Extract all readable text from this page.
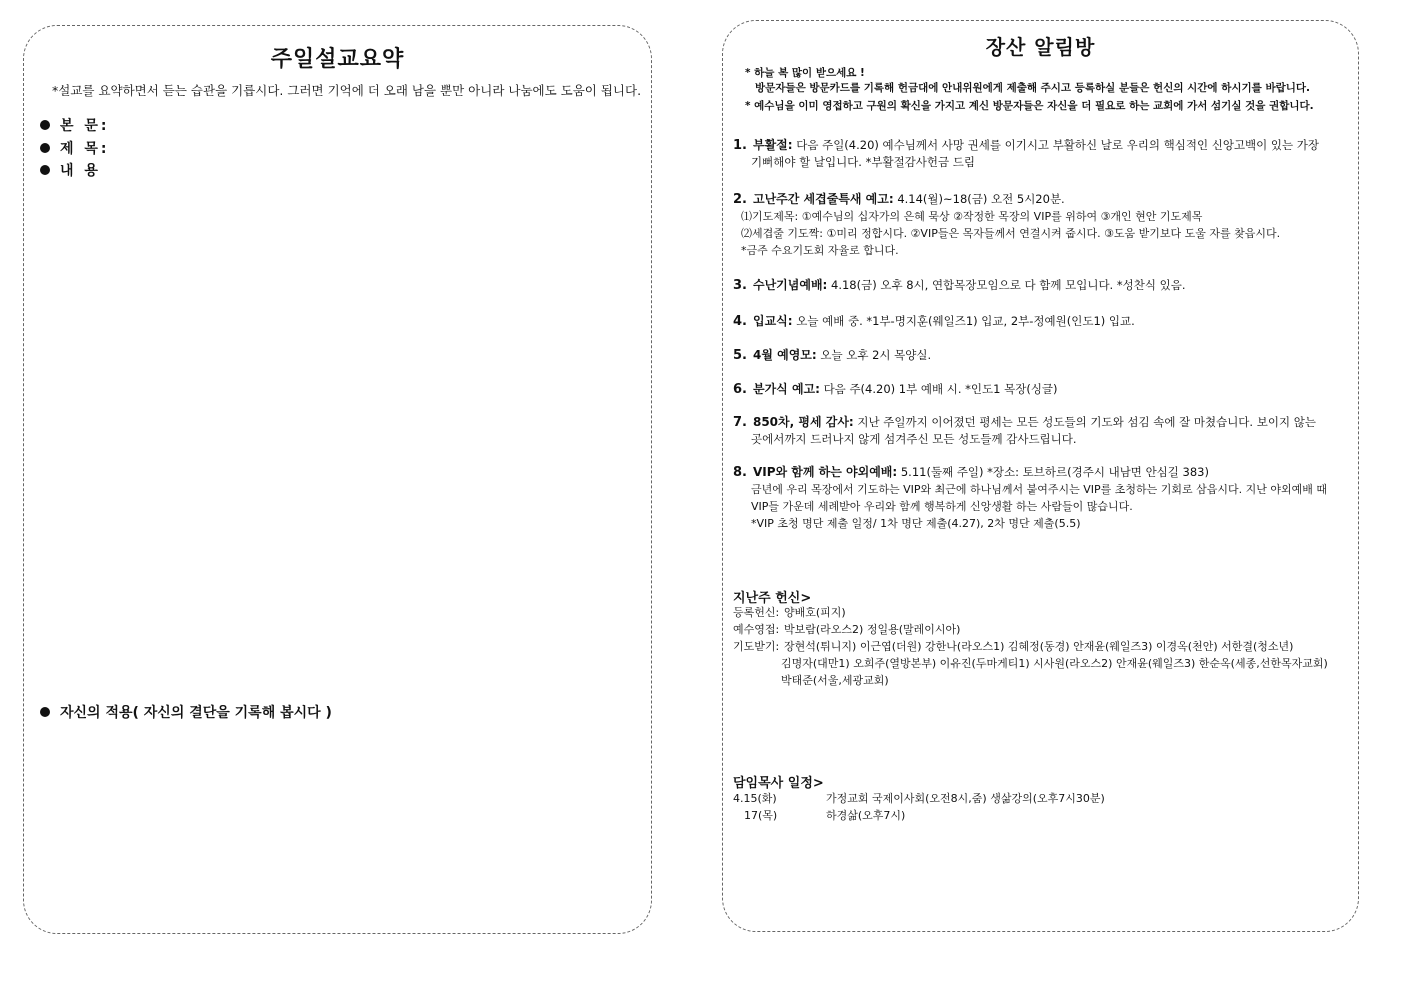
주일설교요약
*설교를 요약하면서 듣는 습관을 기릅시다. 그러면 기억에 더 오래 남을 뿐만 아니라 나눔에도 도움이 됩니다.
본 문:
제 목:
내 용
자신의 적용( 자신의 결단을 기록해 봅시다 )
장산 알림방
* 하늘 복 많이 받으세요 !
방문자들은 방문카드를 기록해 헌금대에 안내위원에게 제출해 주시고 등록하실 분들은 헌신의 시간에 하시기를 바랍니다.
* 예수님을 이미 영접하고 구원의 확신을 가지고 계신 방문자들은 자신을 더 필요로 하는 교회에 가서 섬기실 것을 권합니다.
1. 부활절: 다음 주일(4.20) 예수님께서 사망 권세를 이기시고 부활하신 날로 우리의 핵심적인 신앙고백이 있는 가장
기뻐해야 할 날입니다. *부활절감사헌금 드림
2. 고난주간 세겹줄특새 예고: 4.14(월)~18(금) 오전 5시20분.
⑴기도제목: ①예수님의 십자가의 은혜 묵상 ②작정한 목장의 VIP를 위하여 ③개인 현안 기도제목
⑵세겹줄 기도짝: ①미리 정합시다. ②VIP들은 목자들께서 연결시켜 줍시다. ③도움 받기보다 도울 자를 찾읍시다.
*금주 수요기도회 자율로 합니다.
3. 수난기념예배: 4.18(금) 오후 8시, 연합목장모임으로 다 함께 모입니다. *성찬식 있음.
4. 입교식: 오늘 예배 중. *1부-명지훈(웨일즈1) 입교, 2부-정예원(인도1) 입교.
5. 4월 예영모: 오늘 오후 2시 목양실.
6. 분가식 예고: 다음 주(4.20) 1부 예배 시. *인도1 목장(싱글)
7. 850차, 평세 감사: 지난 주일까지 이어졌던 평세는 모든 성도들의 기도와 섬김 속에 잘 마쳤습니다. 보이지 않는
곳에서까지 드러나지 않게 섬겨주신 모든 성도들께 감사드립니다.
8. VIP와 함께 하는 야외예배: 5.11(둘째 주일) *장소: 토브하르(경주시 내남면 안심길 383)
금년에 우리 목장에서 기도하는 VIP와 최근에 하나님께서 붙여주시는 VIP를 초청하는 기회로 삼읍시다. 지난 야외예배 때
VIP들 가운데 세례받아 우리와 함께 행복하게 신앙생활 하는 사람들이 많습니다.
*VIP 초청 명단 제출 일정/ 1차 명단 제출(4.27), 2차 명단 제출(5.5)
지난주 헌신>
등록헌신: 양배호(피지)
예수영접: 박보람(라오스2) 정일용(말레이시아)
기도받기: 장현석(튀니지) 이근엽(더원) 강한나(라오스1) 김혜정(동경) 안재윤(웨일즈3) 이경옥(천안) 서한결(청소년)
김명자(대만1) 오희주(열방본부) 이유진(두마게티1) 시사원(라오스2) 안재윤(웨일즈3) 한순옥(세종,선한목자교회)
박태준(서울,세광교회)
담임목사 일정>
4.15(화)	가정교회 국제이사회(오전8시,줌) 생삶강의(오후7시30분)
17(목)	하경삶(오후7시)
